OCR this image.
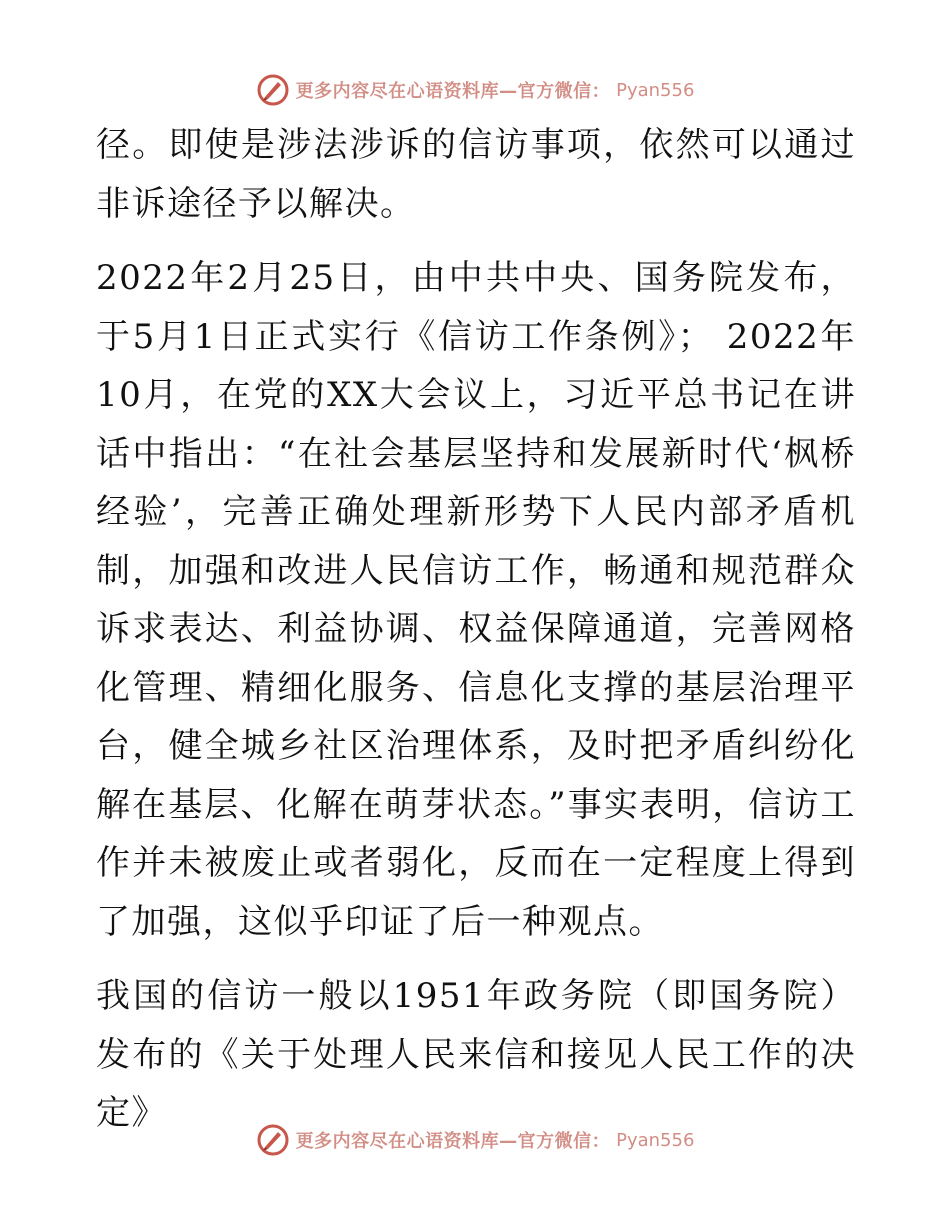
更多内容尽在心语资料库—官方微信： Pyan556

径。即使是涉法涉诉的信访事项，依然可以通过非诉途径予以解决。

2022年2月25日，由中共中央、国务院发布，于5月1日正式实行《信访工作条例》； 2022年10月，在党的XX大会议上，习近平总书记在讲话中指出：“在社会基层坚持和发展新时代‘枫桥经验’，完善正确处理新形势下人民内部矛盾机制，加强和改进人民信访工作，畅通和规范群众诉求表达、利益协调、权益保障通道，完善网格化管理、精细化服务、信息化支撑的基层治理平台，健全城乡社区治理体系，及时把矛盾纠纷化解在基层、化解在萌芽状态。”事实表明，信访工作并未被废止或者弱化，反而在一定程度上得到了加强，这似乎印证了后一种观点。

我国的信访一般以1951年政务院（即国务院）发布的《关于处理人民来信和接见人民工作的决定》

更多内容尽在心语资料库—官方微信： Pyan556
